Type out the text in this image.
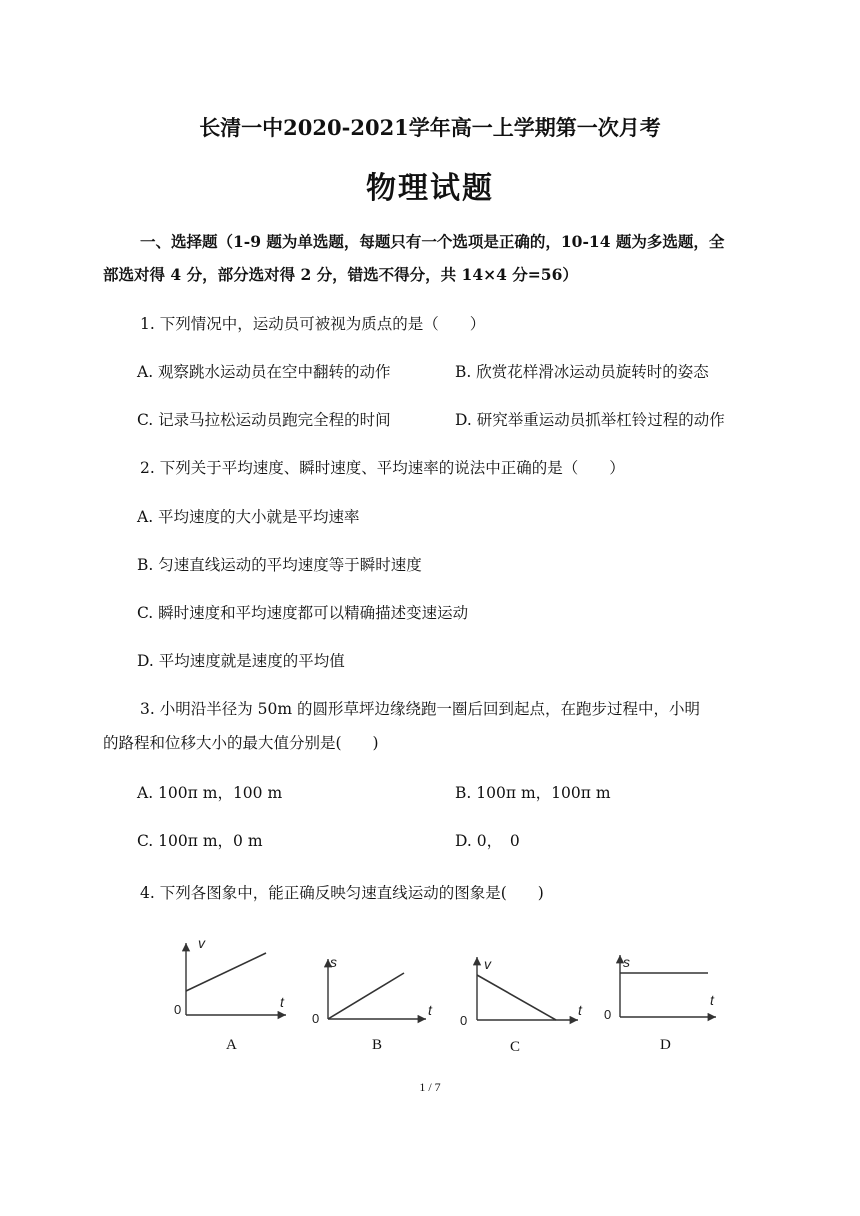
长清一中2020-2021学年高一上学期第一次月考
物理试题
一、选择题（1-9 题为单选题，每题只有一个选项是正确的，10-14 题为多选题，全
部选对得 4 分，部分选对得 2 分，错选不得分，共 14×4 分=56）
1. 下列情况中，运动员可被视为质点的是（　　）
A. 观察跳水运动员在空中翻转的动作	B. 欣赏花样滑冰运动员旋转时的姿态
C. 记录马拉松运动员跑完全程的时间	D. 研究举重运动员抓举杠铃过程的动作
2. 下列关于平均速度、瞬时速度、平均速率的说法中正确的是（　　）
A. 平均速度的大小就是平均速率
B. 匀速直线运动的平均速度等于瞬时速度
C. 瞬时速度和平均速度都可以精确描述变速运动
D. 平均速度就是速度的平均值
3. 小明沿半径为 50m 的圆形草坪边缘绕跑一圈后回到起点，在跑步过程中，小明
的路程和位移大小的最大值分别是(　　)
A. 100π m，100 m	B. 100π m，100π m
C. 100π m，0 m	D. 0，　0
4. 下列各图象中，能正确反映匀速直线运动的图象是(　　)
v
t
0
A
s
t
0
B
v
t
0
C
s
t
0
D
1 / 7
